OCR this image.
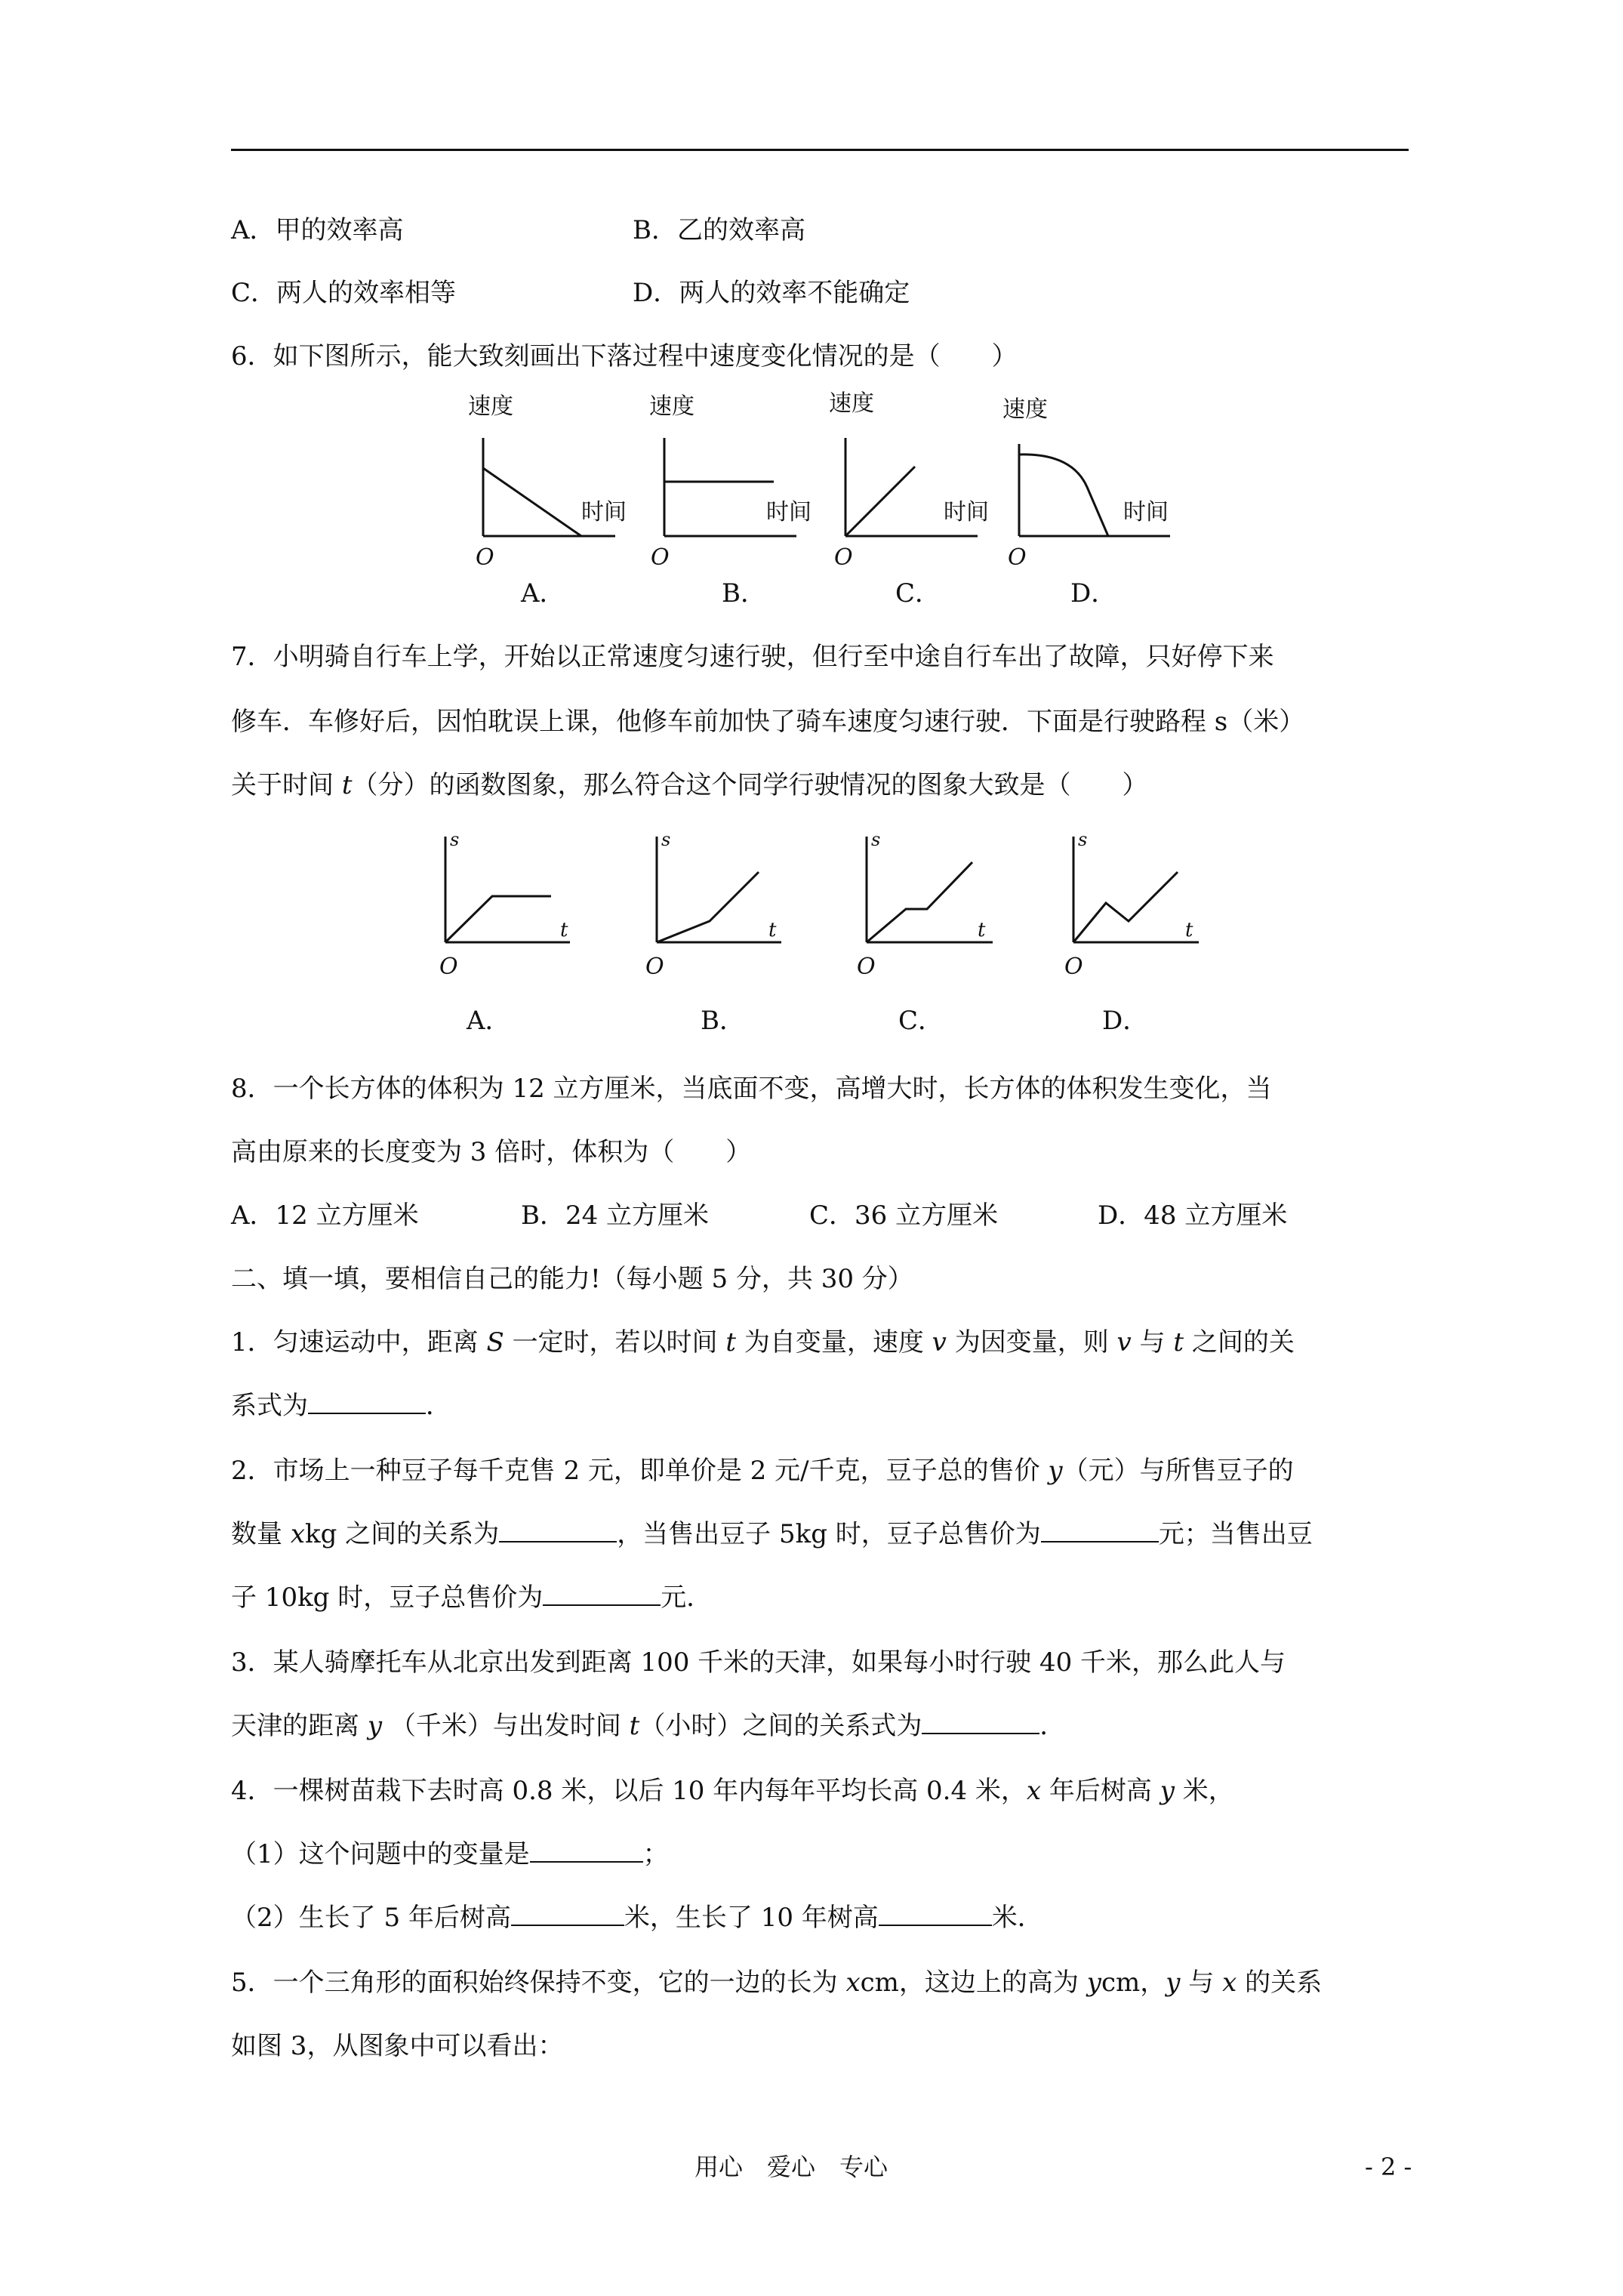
A．甲的效率高	B．乙的效率高
C．两人的效率相等	D．两人的效率不能确定
6．如下图所示，能大致刻画出下落过程中速度变化情况的是（　　）
速度
时间
O
速度
时间
O
速度
时间
O
速度
时间
O
A．	B．	C．	D．
7．小明骑自行车上学，开始以正常速度匀速行驶，但行至中途自行车出了故障，只好停下来
修车．车修好后，因怕耽误上课，他修车前加快了骑车速度匀速行驶．下面是行驶路程 s（米）
关于时间 t（分）的函数图象，那么符合这个同学行驶情况的图象大致是（　　）
s
t
O
s
t
O
s
t
O
s
t
O
A．	B．	C．	D．
8．一个长方体的体积为 12 立方厘米，当底面不变，高增大时，长方体的体积发生变化，当
高由原来的长度变为 3 倍时，体积为（　　）
A．12 立方厘米	B．24 立方厘米	C．36 立方厘米	D．48 立方厘米
二、填一填，要相信自己的能力!（每小题 5 分，共 30 分）
1．匀速运动中，距离 S 一定时，若以时间 t 为自变量，速度 v 为因变量，则 v 与 t 之间的关
系式为	．
2．市场上一种豆子每千克售 2 元，即单价是 2 元/千克，豆子总的售价 y（元）与所售豆子的
数量 xkg 之间的关系为	，当售出豆子 5kg 时，豆子总售价为	元；当售出豆
子 10kg 时，豆子总售价为	元．
3．某人骑摩托车从北京出发到距离 100 千米的天津，如果每小时行驶 40 千米，那么此人与
天津的距离 y （千米）与出发时间 t（小时）之间的关系式为	．
4．一棵树苗栽下去时高 0.8 米，以后 10 年内每年平均长高 0.4 米，x 年后树高 y 米，
（1）这个问题中的变量是	；
（2）生长了 5 年后树高	米，生长了 10 年树高	米．
5．一个三角形的面积始终保持不变，它的一边的长为 xcm，这边上的高为 ycm，y 与 x 的关系
如图 3，从图象中可以看出：
用心　爱心　专心	- 2 -
